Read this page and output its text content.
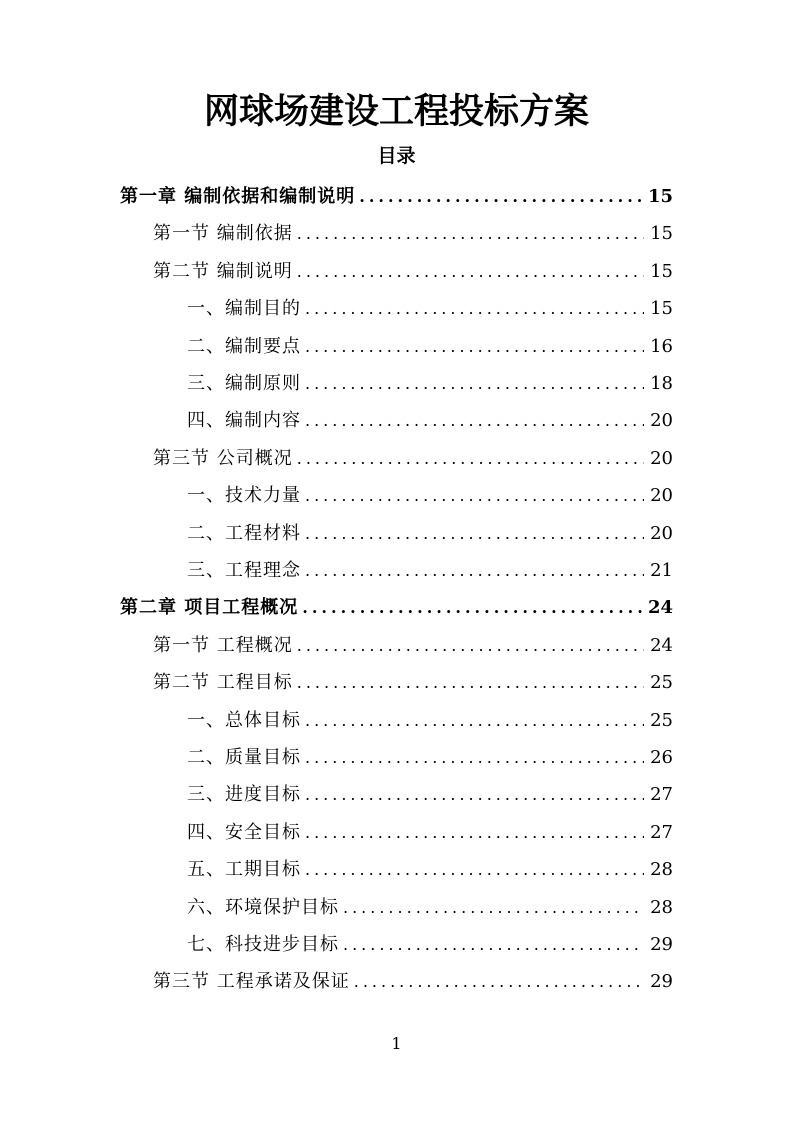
网球场建设工程投标方案
目录
第一章 编制依据和编制说明 .....	15
第一节 编制依据 .....	15
第二节 编制说明 .....	15
一、编制目的 .....	15
二、编制要点 .....	16
三、编制原则 .....	18
四、编制内容 .....	20
第三节 公司概况 .....	20
一、技术力量 .....	20
二、工程材料 .....	20
三、工程理念 .....	21
第二章 项目工程概况 .....	24
第一节 工程概况 .....	24
第二节 工程目标 .....	25
一、总体目标 .....	25
二、质量目标 .....	26
三、进度目标 .....	27
四、安全目标 .....	27
五、工期目标 .....	28
六、环境保护目标 .....	28
七、科技进步目标 .....	29
第三节 工程承诺及保证 .....	29
1
